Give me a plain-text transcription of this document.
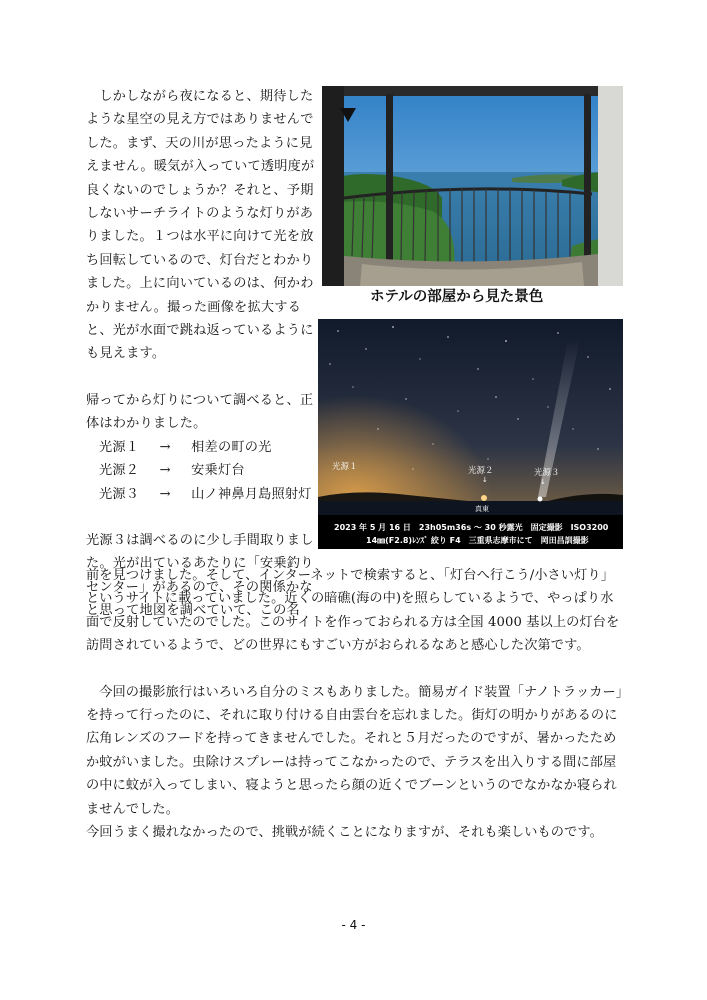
しかしながら夜になると、期待したような星空の見え方ではありませんでした。まず、天の川が思ったように見えません。暖気が入っていて透明度が良くないのでしょうか？それと、予期しないサーチライトのような灯りがありました。１つは水平に向けて光を放ち回転しているので、灯台だとわかりました。上に向いているのは、何かわかりません。撮った画像を拡大すると、光が水面で跳ね返っているようにも見えます。

帰ってから灯りについて調べると、正体はわかりました。

光源１ → 相差の町の光
光源２ → 安乗灯台
光源３ → 山ノ神鼻月島照射灯

光源３は調べるのに少し手間取りました。光が出ているあたりに「安乗釣りセンター」があるので、その関係かなと思って地図を調べていて、この名

前を見つけました。そして、インターネットで検索すると、「灯台へ行こう/小さい灯り」というサイトに載っていました。近くの暗礁(海の中)を照らしているようで、やっぱり水面で反射していたのでした。このサイトを作っておられる方は全国 4000 基以上の灯台を訪問されているようで、どの世界にもすごい方がおられるなあと感心した次第です。

今回の撮影旅行はいろいろ自分のミスもありました。簡易ガイド装置「ナノトラッカー」を持って行ったのに、それに取り付ける自由雲台を忘れました。街灯の明かりがあるのに広角レンズのフードを持ってきませんでした。それと５月だったのですが、暑かったためか蚊がいました。虫除けスプレーは持ってこなかったので、テラスを出入りする間に部屋の中に蚊が入ってしまい、寝ようと思ったら顔の近くでブーンというのでなかなか寝られませんでした。

今回うまく撮れなかったので、挑戦が続くことになりますが、それも楽しいものです。

ホテルの部屋から見た景色
光源１	光源２
↓
光源３
↓
真東
2023 年 5 月 16 日　23h05m36s ～ 30 秒露光　固定撮影　ISO3200
14㎜(F2.8)ﾚﾝｽﾞ 絞り F4　三重県志摩市にて　岡田昌訓撮影
- 4 -
